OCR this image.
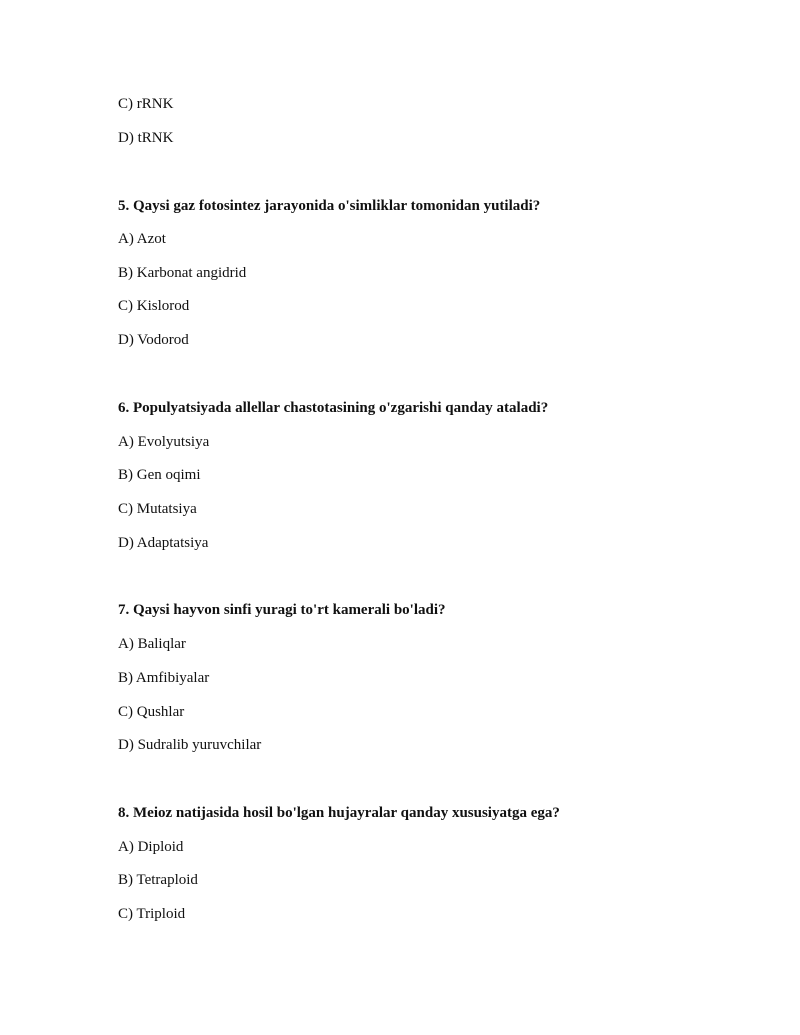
C) rRNK
D) tRNK
5. Qaysi gaz fotosintez jarayonida o'simliklar tomonidan yutiladi?
A) Azot
B) Karbonat angidrid
C) Kislorod
D) Vodorod
6. Populyatsiyada allellar chastotasining o'zgarishi qanday ataladi?
A) Evolyutsiya
B) Gen oqimi
C) Mutatsiya
D) Adaptatsiya
7. Qaysi hayvon sinfi yuragi to'rt kamerali bo'ladi?
A) Baliqlar
B) Amfibiyalar
C) Qushlar
D) Sudralib yuruvchilar
8. Meioz natijasida hosil bo'lgan hujayralar qanday xususiyatga ega?
A) Diploid
B) Tetraploid
C) Triploid
